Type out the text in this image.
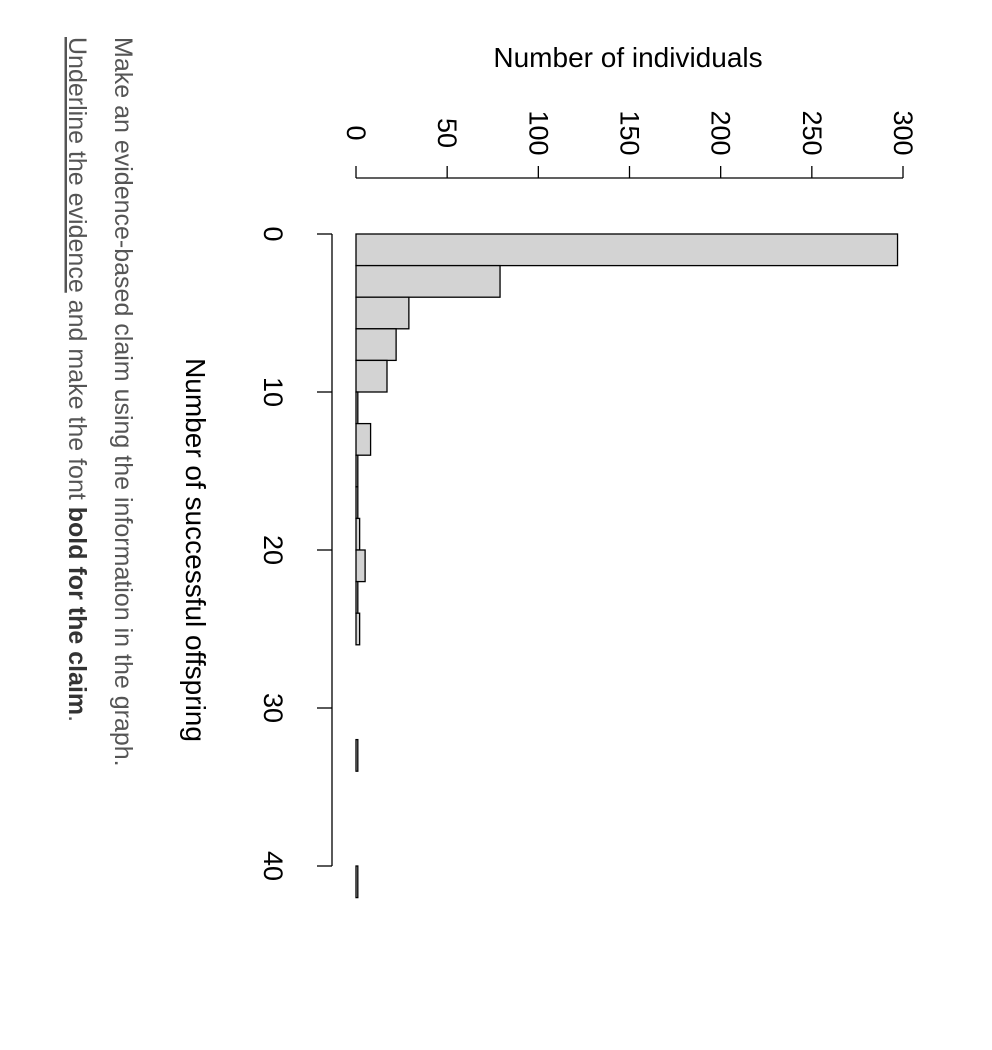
0 50 100 150 200 250 300
0
10
20
30
40
Number of individuals
Number of successful offspring
Make an evidence-based claim using the information in the graph.
Underline the evidence and make the font bold for the claim.
